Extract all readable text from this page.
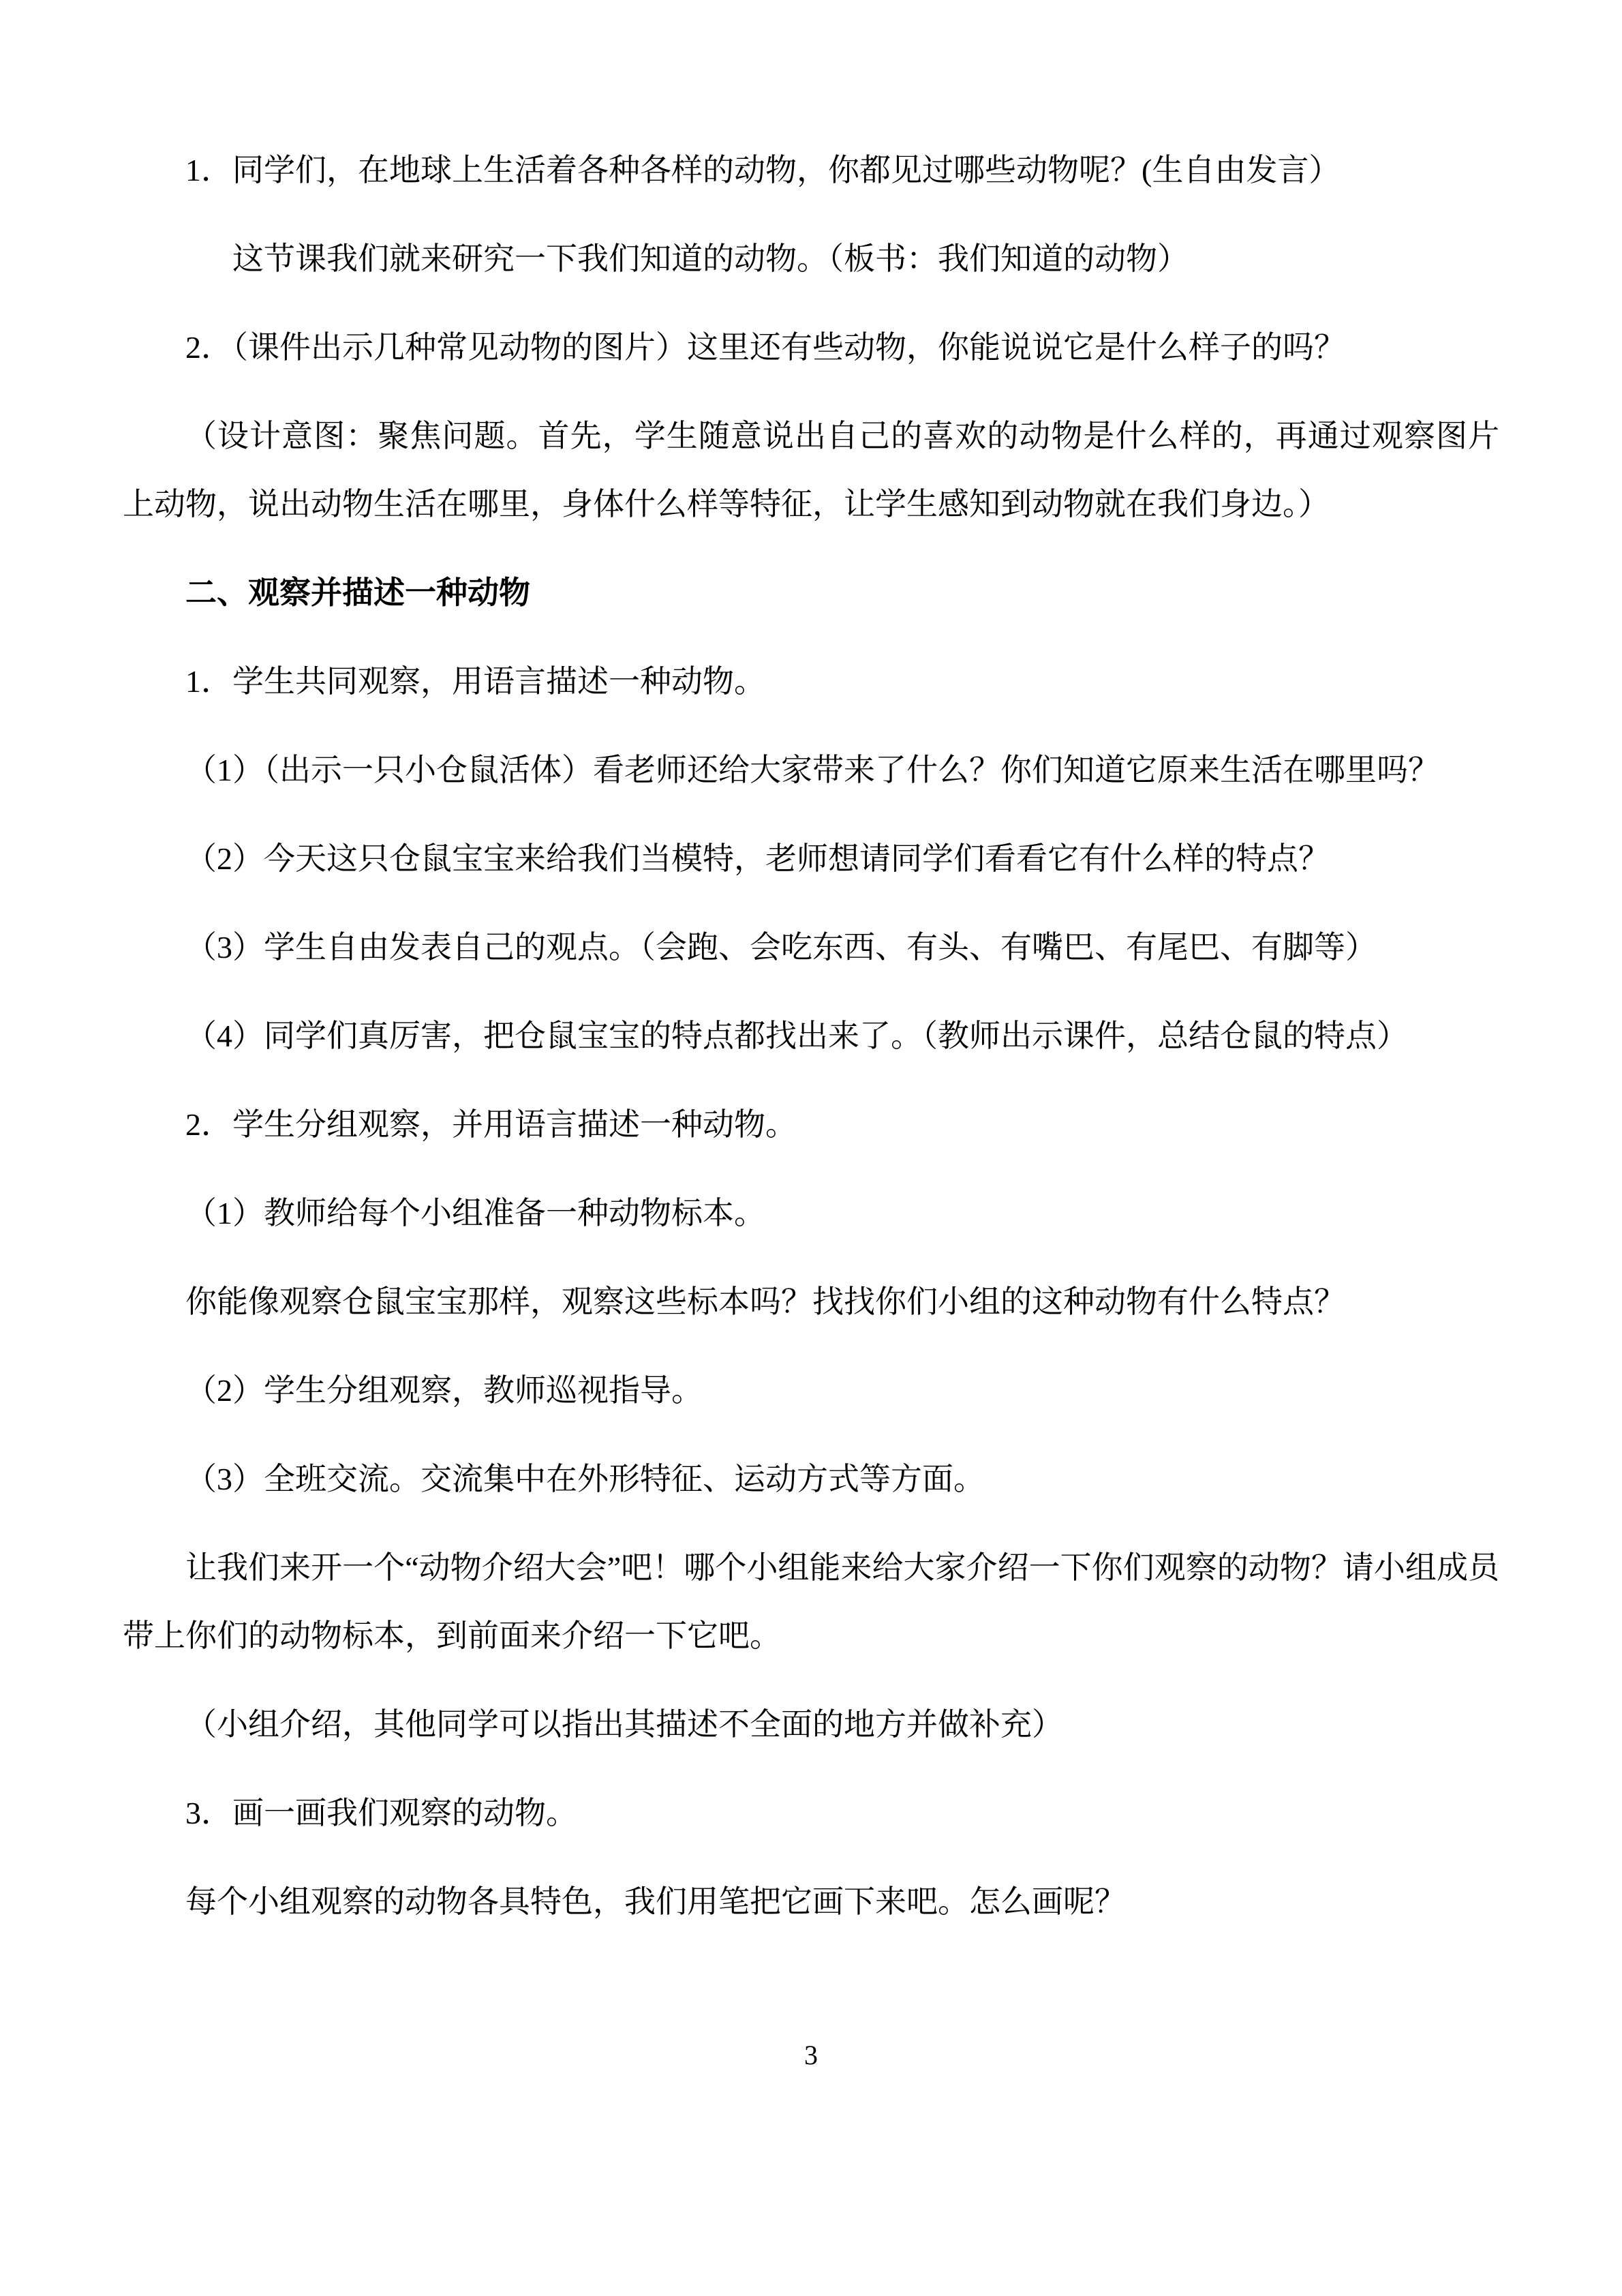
1．同学们，在地球上生活着各种各样的动物，你都见过哪些动物呢？(生自由发言）

这节课我们就来研究一下我们知道的动物。（板书：我们知道的动物）

2．（课件出示几种常见动物的图片）这里还有些动物，你能说说它是什么样子的吗？

（设计意图：聚焦问题。首先，学生随意说出自己的喜欢的动物是什么样的，再通过观察图片上动物，说出动物生活在哪里，身体什么样等特征，让学生感知到动物就在我们身边。）

二、观察并描述一种动物

1．学生共同观察，用语言描述一种动物。

（1）（出示一只小仓鼠活体）看老师还给大家带来了什么？你们知道它原来生活在哪里吗？

（2）今天这只仓鼠宝宝来给我们当模特，老师想请同学们看看它有什么样的特点？

（3）学生自由发表自己的观点。（会跑、会吃东西、有头、有嘴巴、有尾巴、有脚等）

（4）同学们真厉害，把仓鼠宝宝的特点都找出来了。（教师出示课件，总结仓鼠的特点）

2．学生分组观察，并用语言描述一种动物。

（1）教师给每个小组准备一种动物标本。

你能像观察仓鼠宝宝那样，观察这些标本吗？找找你们小组的这种动物有什么特点？

（2）学生分组观察，教师巡视指导。

（3）全班交流。交流集中在外形特征、运动方式等方面。

让我们来开一个“动物介绍大会”吧！哪个小组能来给大家介绍一下你们观察的动物？请小组成员带上你们的动物标本，到前面来介绍一下它吧。

（小组介绍，其他同学可以指出其描述不全面的地方并做补充）

3．画一画我们观察的动物。

每个小组观察的动物各具特色，我们用笔把它画下来吧。怎么画呢？

3
